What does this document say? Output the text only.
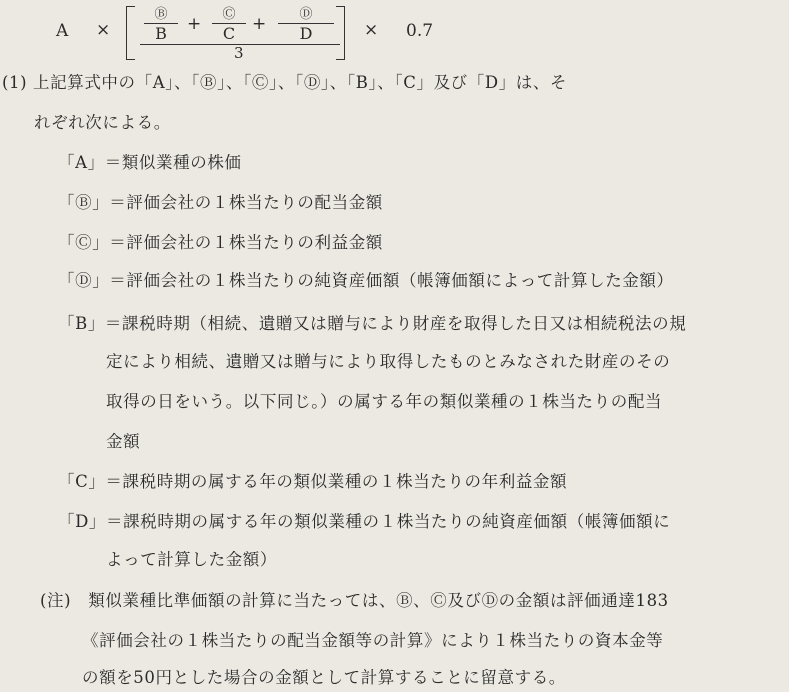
A ×
Ⓑ
B	+	Ⓒ
C +	Ⓓ
D
3
× 0.7
(1) 上記算式中の「A」、「Ⓑ」、「Ⓒ」、「Ⓓ」、「B」、「C」及び「D」は、そ
れぞれ次による。
「A」＝類似業種の株価
「Ⓑ」＝評価会社の１株当たりの配当金額
「Ⓒ」＝評価会社の１株当たりの利益金額
「Ⓓ」＝評価会社の１株当たりの純資産価額（帳簿価額によって計算した金額）
「B」＝課税時期（相続、遺贈又は贈与により財産を取得した日又は相続税法の規
定により相続、遺贈又は贈与により取得したものとみなされた財産のその
取得の日をいう。以下同じ。）の属する年の類似業種の１株当たりの配当
金額
「C」＝課税時期の属する年の類似業種の１株当たりの年利益金額
「D」＝課税時期の属する年の類似業種の１株当たりの純資産価額（帳簿価額に
よって計算した金額）
(注)　類似業種比準価額の計算に当たっては、Ⓑ、Ⓒ及びⒹの金額は評価通達183
《評価会社の１株当たりの配当金額等の計算》により１株当たりの資本金等
の額を50円とした場合の金額として計算することに留意する。
